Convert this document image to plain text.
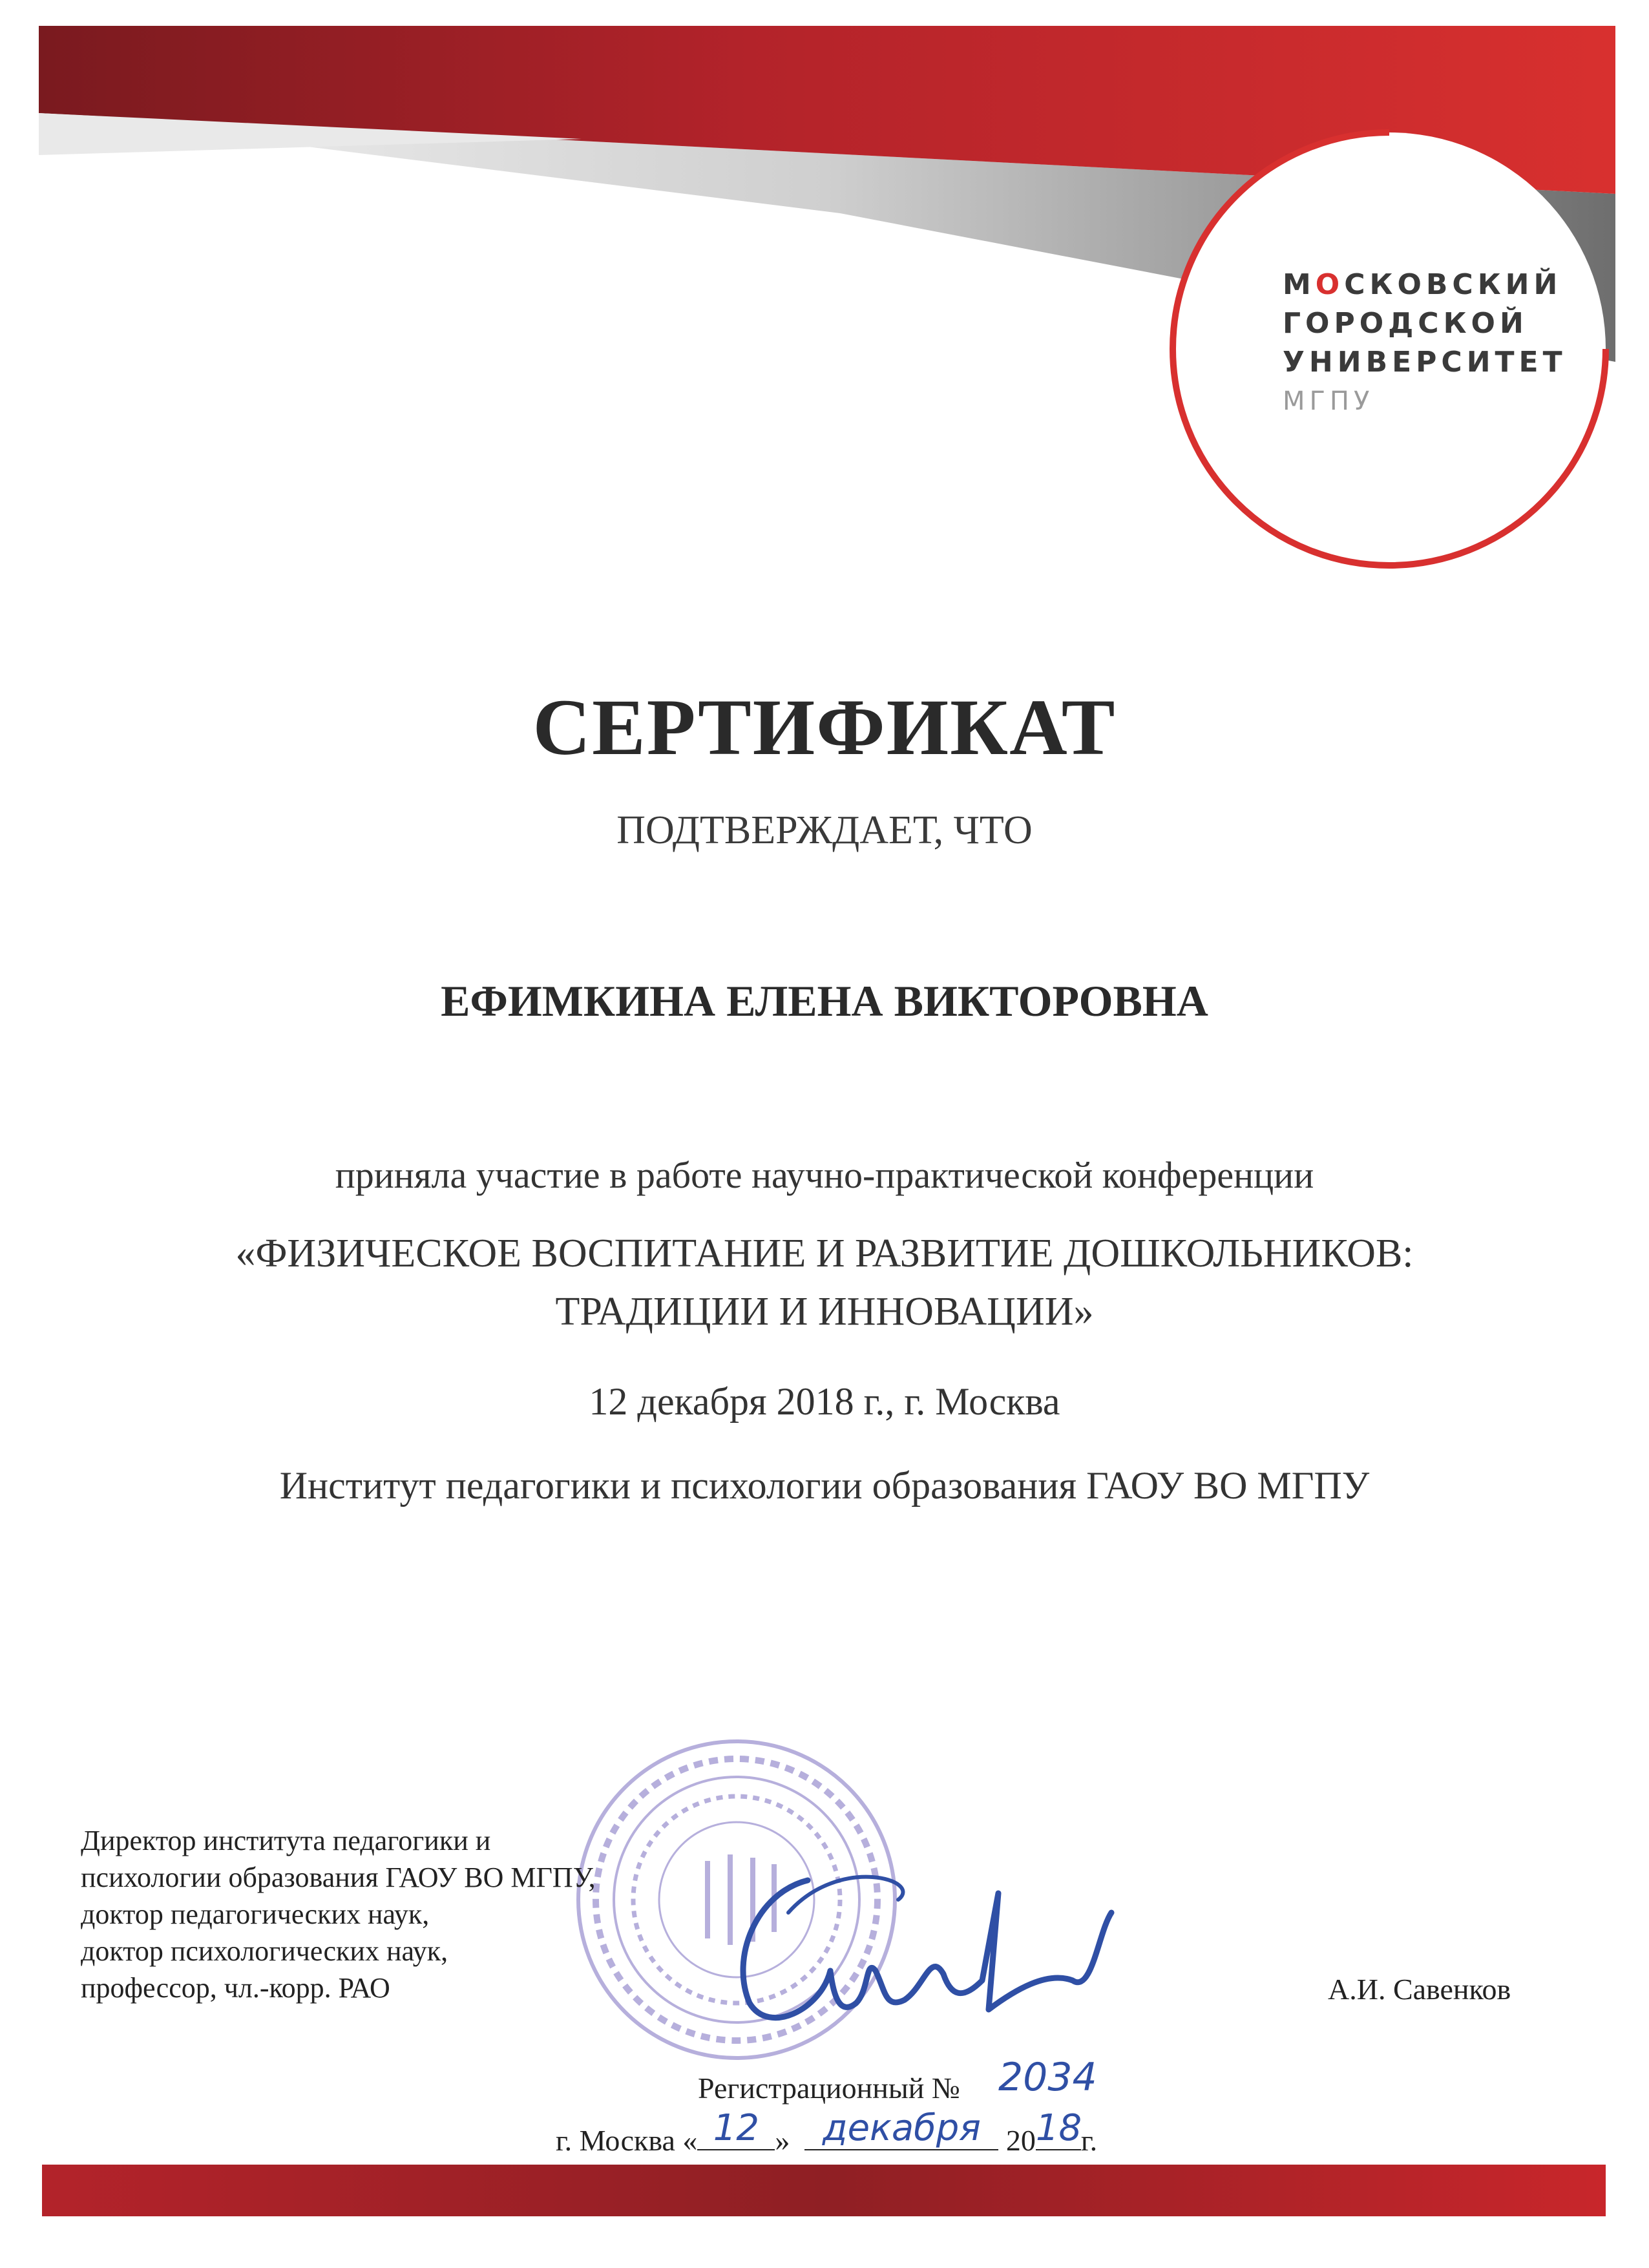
МОСКОВСКИЙ
ГОРОДСКОЙ
УНИВЕРСИТЕТ
МГПУ
СЕРТИФИКАТ
ПОДТВЕРЖДАЕТ, ЧТО
ЕФИМКИНА ЕЛЕНА ВИКТОРОВНА
приняла участие в работе научно-практической конференции
«ФИЗИЧЕСКОЕ ВОСПИТАНИЕ И РАЗВИТИЕ ДОШКОЛЬНИКОВ:
ТРАДИЦИИ И ИННОВАЦИИ»
12 декабря 2018 г., г. Москва
Институт педагогики и психологии образования ГАОУ ВО МГПУ
Директор института педагогики и
психологии образования ГАОУ ВО МГПУ,
доктор педагогических наук,
доктор психологических наук,
профессор, чл.-корр. РАО	А.И. Савенков
Регистрационный № 2034
г. Москва « 12 » декабря 20 18
г.
